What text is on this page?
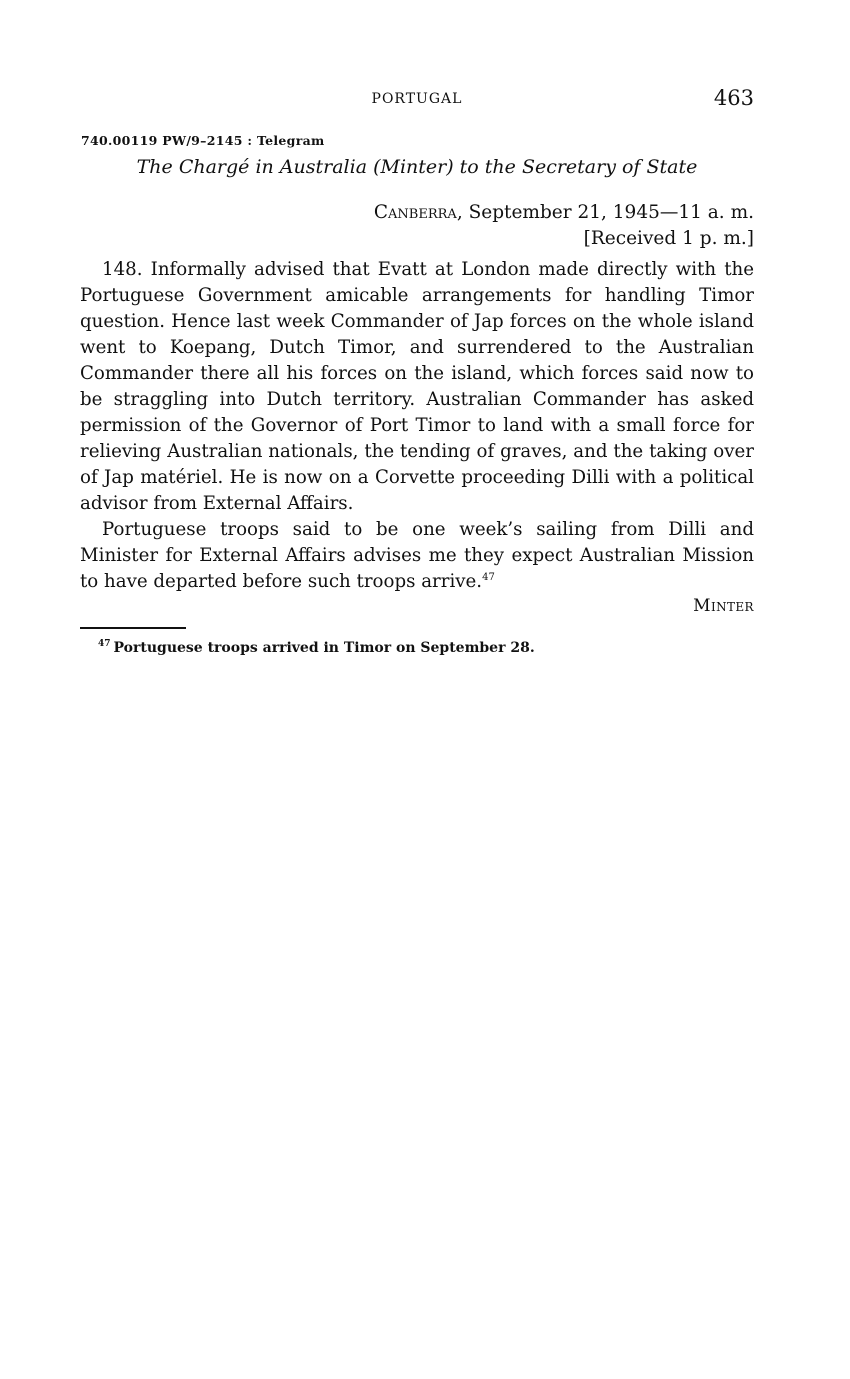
PORTUGAL	463
740.00119 PW/9–2145 : Telegram
The Chargé in Australia (Minter) to the Secretary of State
Canberra, September 21, 1945—11 a. m.
[Received 1 p. m.]

148. Informally advised that Evatt at London made directly with the Portuguese Government amicable arrangements for handling Timor question. Hence last week Commander of Jap forces on the whole island went to Koepang, Dutch Timor, and surrendered to the Australian Commander there all his forces on the island, which forces said now to be straggling into Dutch territory. Australian Commander has asked permission of the Governor of Port Timor to land with a small force for relieving Australian nationals, the tending of graves, and the taking over of Jap matériel. He is now on a Corvette proceeding Dilli with a political advisor from External Affairs.

Portuguese troops said to be one week’s sailing from Dilli and Minister for External Affairs advises me they expect Australian Mission to have departed before such troops arrive.$^{47}$

Minter
$^{47}$ Portuguese troops arrived in Timor on September 28.
